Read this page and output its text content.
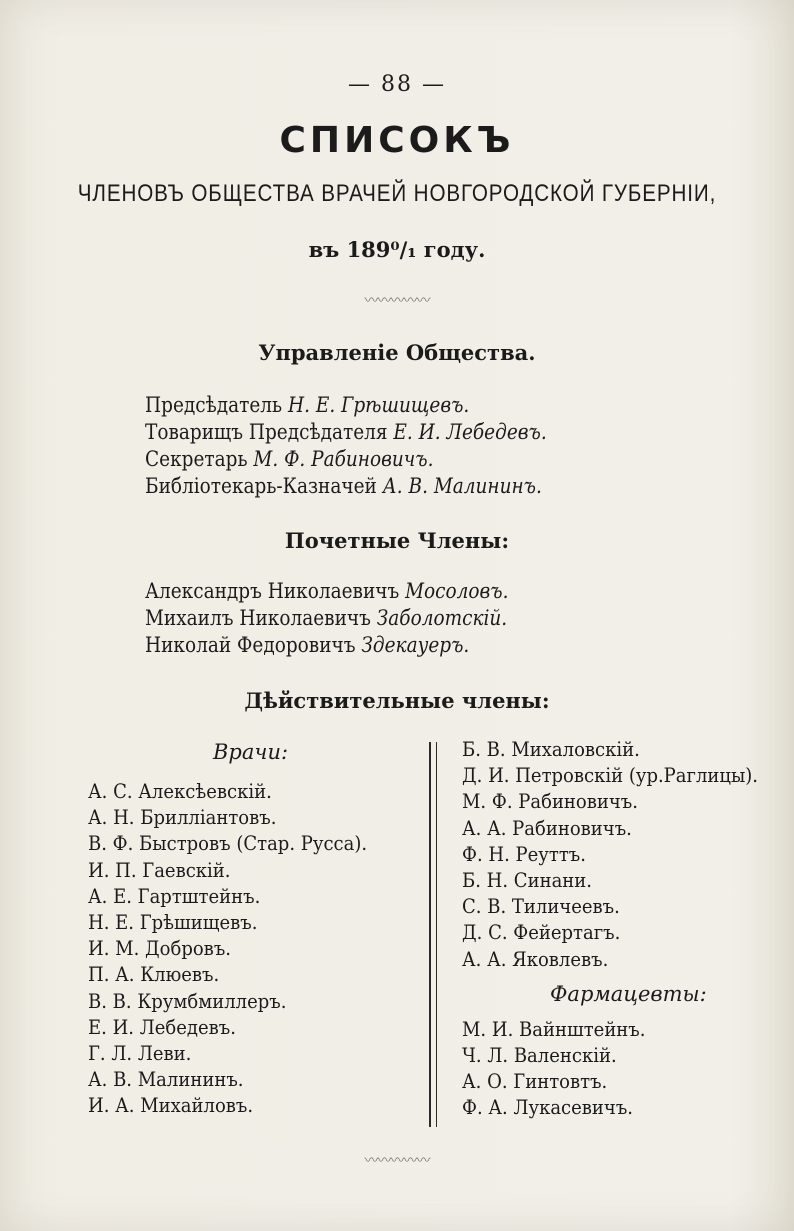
— 88 —
СПИСОКЪ
ЧЛЕНОВЪ ОБЩЕСТВА ВРАЧЕЙ НОВГОРОДСКОЙ ГУБЕРНІИ,
въ 189⁰/₁ году.
〰〰〰〰〰
Управленіе Общества.
Предсѣдатель Н. Е. Грѣшищевъ.
Товарищъ Предсѣдателя Е. И. Лебедевъ.
Секретарь М. Ф. Рабиновичъ.
Библіотекарь-Казначей А. В. Малининъ.
Почетные Члены:
Александръ Николаевичъ Мосоловъ.
Михаилъ Николаевичъ Заболотскій.
Николай Федоровичъ Здекауеръ.
Дѣйствительные члены:
Врачи:
А. С. Алексѣевскій.
А. Н. Брилліантовъ.
В. Ф. Быстровъ (Стар. Русса).
И. П. Гаевскій.
А. Е. Гартштейнъ.
Н. Е. Грѣшищевъ.
И. М. Добровъ.
П. А. Клюевъ.
В. В. Крумбмиллеръ.
Е. И. Лебедевъ.
Г. Л. Леви.
А. В. Малининъ.
И. А. Михайловъ.
Б. В. Михаловскій.
Д. И. Петровскій (ур.Раглицы).
М. Ф. Рабиновичъ.
А. А. Рабиновичъ.
Ф. Н. Реуттъ.
Б. Н. Синани.
С. В. Тиличеевъ.
Д. С. Фейертагъ.
А. А. Яковлевъ.
Фармацевты:
М. И. Вайнштейнъ.
Ч. Л. Валенскій.
А. О. Гинтовтъ.
Ф. А. Лукасевичъ.
〰〰〰〰〰
